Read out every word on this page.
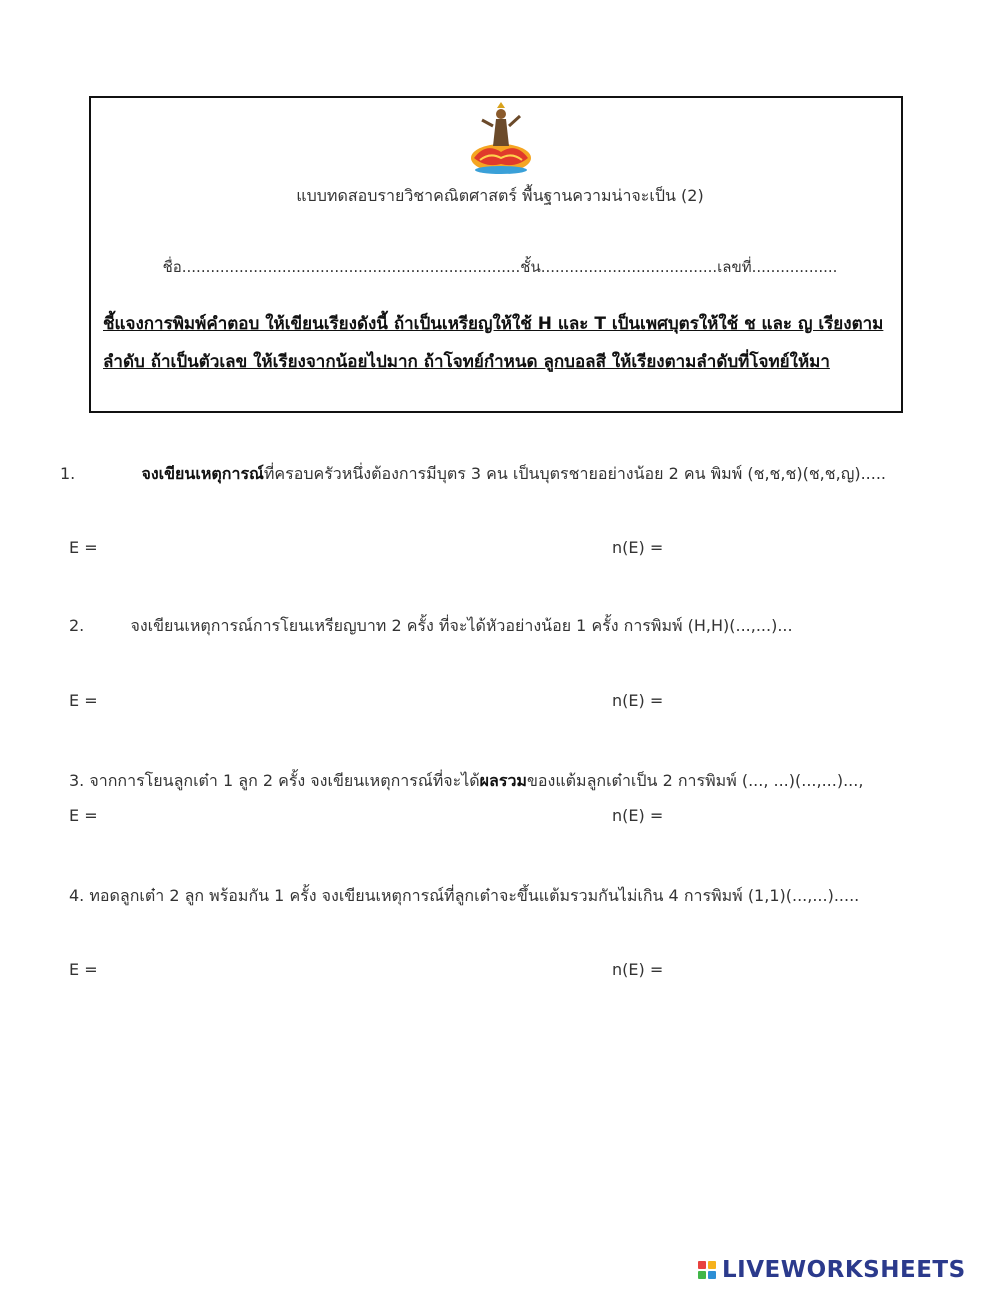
แบบทดสอบรายวิชาคณิตศาสตร์ พื้นฐานความน่าจะเป็น (2)
ชื่อ.......................................................................ชั้น.....................................เลขที่..................
ชี้แจงการพิมพ์คำตอบ ให้เขียนเรียงดังนี้ ถ้าเป็นเหรียญให้ใช้ H และ T เป็นเพศบุตรให้ใช้ ช และ ญ เรียงตามลำดับ ถ้าเป็นตัวเลข ให้เรียงจากน้อยไปมาก ถ้าโจทย์กำหนด ลูกบอลสี ให้เรียงตามลำดับที่โจทย์ให้มา
1.	จงเขียนเหตุการณ์ที่ครอบครัวหนึ่งต้องการมีบุตร 3 คน เป็นบุตรชายอย่างน้อย 2 คน พิมพ์ (ช,ช,ช)(ช,ช,ญ).....
E =	n(E) =
2.	จงเขียนเหตุการณ์การโยนเหรียญบาท 2 ครั้ง ที่จะได้หัวอย่างน้อย 1 ครั้ง การพิมพ์ (H,H)(...,...)...
E =	n(E) =
3. จากการโยนลูกเต๋า 1 ลูก 2 ครั้ง จงเขียนเหตุการณ์ที่จะได้ผลรวมของแต้มลูกเต๋าเป็น 2 การพิมพ์ (..., ...)(...,...)...,
E =	n(E) =
4. ทอดลูกเต๋า 2 ลูก พร้อมกัน 1 ครั้ง จงเขียนเหตุการณ์ที่ลูกเต๋าจะขึ้นแต้มรวมกันไม่เกิน 4 การพิมพ์ (1,1)(...,...).....
E =	n(E) =
LIVEWORKSHEETS
